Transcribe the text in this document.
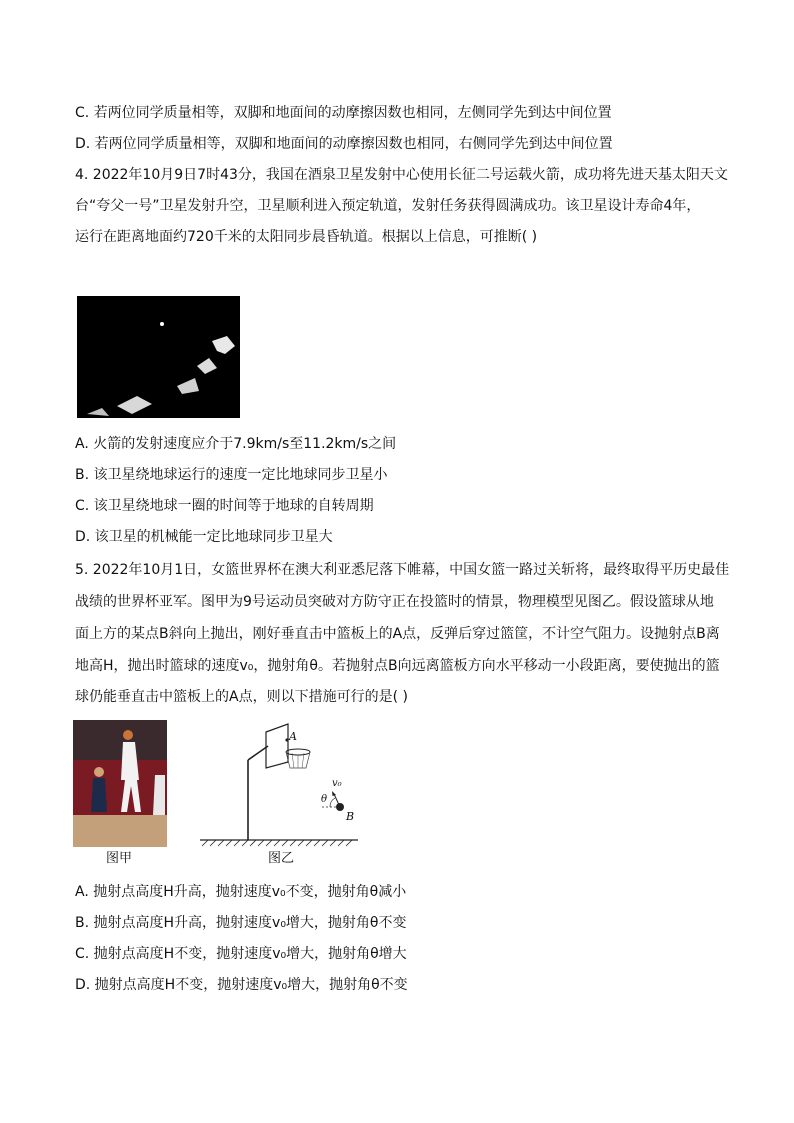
C. 若两位同学质量相等，双脚和地面间的动摩擦因数也相同，左侧同学先到达中间位置
D. 若两位同学质量相等，双脚和地面间的动摩擦因数也相同，右侧同学先到达中间位置
4. 2022年10月9日7时43分，我国在酒泉卫星发射中心使用长征二号运载火箭，成功将先进天基太阳天文
台“夸父一号”卫星发射升空，卫星顺利进入预定轨道，发射任务获得圆满成功。该卫星设计寿命4年，
运行在距离地面约720千米的太阳同步晨昏轨道。根据以上信息，可推断( )
A. 火箭的发射速度应介于7.9km/s至11.2km/s之间
B. 该卫星绕地球运行的速度一定比地球同步卫星小
C. 该卫星绕地球一圈的时间等于地球的自转周期
D. 该卫星的机械能一定比地球同步卫星大
5. 2022年10月1日，女篮世界杯在澳大利亚悉尼落下帷幕，中国女篮一路过关斩将，最终取得平历史最佳
战绩的世界杯亚军。图甲为9号运动员突破对方防守正在投篮时的情景，物理模型见图乙。假设篮球从地
面上方的某点B斜向上抛出，刚好垂直击中篮板上的A点，反弹后穿过篮筐，不计空气阻力。设抛射点B离
地高H，抛出时篮球的速度v₀，抛射角θ。若抛射点B向远离篮板方向水平移动一小段距离，要使抛出的篮
球仍能垂直击中篮板上的A点，则以下措施可行的是( )
图甲
A
B
v₀
θ
图乙
A. 抛射点高度H升高，抛射速度v₀不变，抛射角θ减小
B. 抛射点高度H升高，抛射速度v₀增大，抛射角θ不变
C. 抛射点高度H不变，抛射速度v₀增大，抛射角θ增大
D. 抛射点高度H不变，抛射速度v₀增大，抛射角θ不变
